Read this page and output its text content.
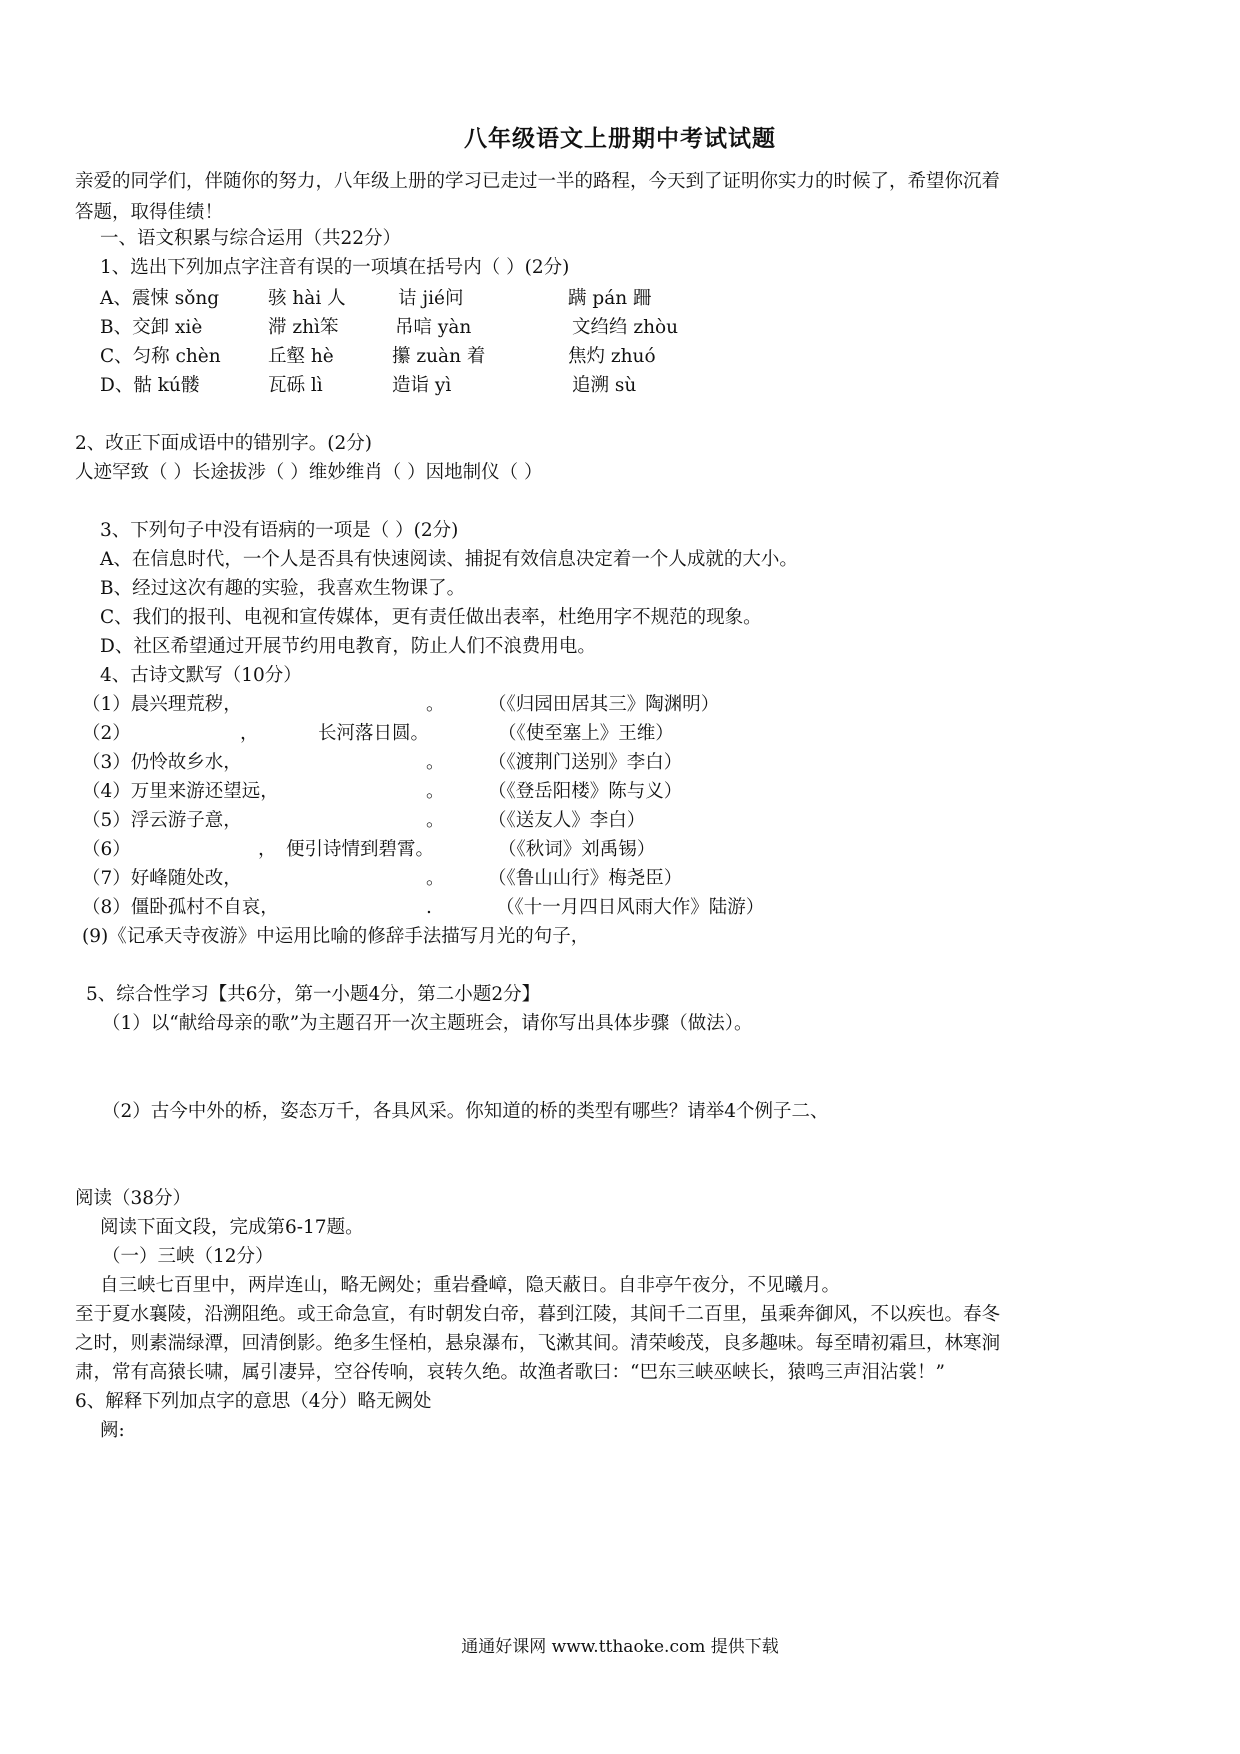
八年级语文上册期中考试试题
亲爱的同学们，伴随你的努力，八年级上册的学习已走过一半的路程，今天到了证明你实力的时候了，希望你沉着
答题，取得佳绩！
一、语文积累与综合运用（共22分）
1、选出下列加点字注音有误的一项填在括号内（ ）(2分)
A、震悚 sǒng	骇 hài 人	诘 jié问	蹒 pán 跚
B、交卸 xiè	滞 zhì笨	吊唁 yàn	文绉绉 zhòu
C、匀称 chèn	丘壑 hè	攥 zuàn 着	焦灼 zhuó
D、骷 kú髅	瓦砾 lì	造诣 yì	追溯 sù
2、改正下面成语中的错别字。(2分)
人迹罕致（ ）长途拔涉（ ）维妙维肖（ ）因地制仪（ ）
3、下列句子中没有语病的一项是（ ）(2分)
A、在信息时代，一个人是否具有快速阅读、捕捉有效信息决定着一个人成就的大小。
B、经过这次有趣的实验，我喜欢生物课了。
C、我们的报刊、电视和宣传媒体，更有责任做出表率，杜绝用字不规范的现象。
D、社区希望通过开展节约用电教育，防止人们不浪费用电。
4、古诗文默写（10分）
（1）晨兴理荒秽，	。 （《归园田居其三》陶渊明）
（2）	，	长河落日圆。	（《使至塞上》王维）
（3）仍怜故乡水，	。 （《渡荆门送别》李白）
（4）万里来游还望远，	。 （《登岳阳楼》陈与义）
（5）浮云游子意，	。 （《送友人》李白）
（6）	， 便引诗情到碧霄。	（《秋词》刘禹锡）
（7）好峰随处改，	。 （《鲁山山行》梅尧臣）
（8）僵卧孤村不自哀，	.	（《十一月四日风雨大作》陆游）
(9)《记承天寺夜游》中运用比喻的修辞手法描写月光的句子，
5、综合性学习【共6分，第一小题4分，第二小题2分】
（1）以“献给母亲的歌”为主题召开一次主题班会，请你写出具体步骤（做法）。
（2）古今中外的桥，姿态万千，各具风采。你知道的桥的类型有哪些？请举4个例子二、
阅读（38分）
阅读下面文段，完成第6-17题。
（一）三峡（12分）
自三峡七百里中，两岸连山，略无阙处；重岩叠嶂，隐天蔽日。自非亭午夜分，不见曦月。
至于夏水襄陵，沿溯阻绝。或王命急宣，有时朝发白帝，暮到江陵，其间千二百里，虽乘奔御风，不以疾也。春冬
之时，则素湍绿潭，回清倒影。绝多生怪柏，悬泉瀑布，飞漱其间。清荣峻茂，良多趣味。每至晴初霜旦，林寒涧
肃，常有高猿长啸，属引凄异，空谷传响，哀转久绝。故渔者歌曰：“巴东三峡巫峡长，猿鸣三声泪沾裳！”
6、解释下列加点字的意思（4分）略无阙处
阙:
通通好课网 www.tthaoke.com 提供下载
